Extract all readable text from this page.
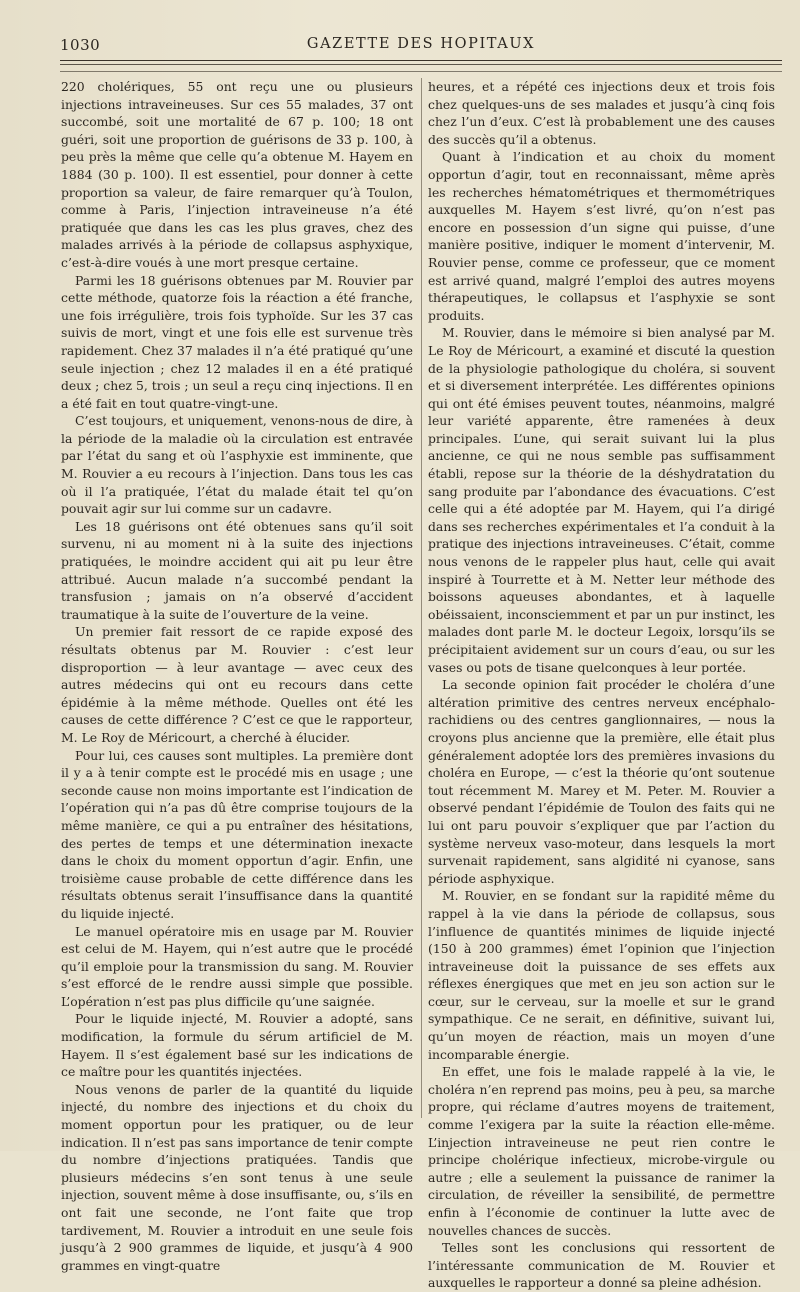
1030	GAZETTE DES HOPITAUX

220 cholériques, 55 ont reçu une ou plusieurs injections intraveineuses. Sur ces 55 malades, 37 ont succombé, soit une mortalité de 67 p. 100; 18 ont guéri, soit une proportion de guérisons de 33 p. 100, à peu près la même que celle qu’a obtenue M. Hayem en 1884 (30 p. 100). Il est essentiel, pour donner à cette proportion sa valeur, de faire remarquer qu’à Toulon, comme à Paris, l’injection intraveineuse n’a été pratiquée que dans les cas les plus graves, chez des malades arrivés à la période de collapsus asphyxique, c’est-à-dire voués à une mort presque certaine.

Parmi les 18 guérisons obtenues par M. Rouvier par cette méthode, quatorze fois la réaction a été franche, une fois irrégulière, trois fois typhoïde. Sur les 37 cas suivis de mort, vingt et une fois elle est survenue très rapidement. Chez 37 malades il n’a été pratiqué qu’une seule injection ; chez 12 malades il en a été pratiqué deux ; chez 5, trois ; un seul a reçu cinq injections. Il en a été fait en tout quatre-vingt-une.

C’est toujours, et uniquement, venons-nous de dire, à la période de la maladie où la circulation est entravée par l’état du sang et où l’asphyxie est imminente, que M. Rouvier a eu recours à l’injection. Dans tous les cas où il l’a pratiquée, l’état du malade était tel qu’on pouvait agir sur lui comme sur un cadavre.

Les 18 guérisons ont été obtenues sans qu’il soit survenu, ni au moment ni à la suite des injections pratiquées, le moindre accident qui ait pu leur être attribué. Aucun malade n’a succombé pendant la transfusion ; jamais on n’a observé d’accident traumatique à la suite de l’ouverture de la veine.

Un premier fait ressort de ce rapide exposé des résultats obtenus par M. Rouvier : c’est leur disproportion — à leur avantage — avec ceux des autres médecins qui ont eu recours dans cette épidémie à la même méthode. Quelles ont été les causes de cette différence ? C’est ce que le rapporteur, M. Le Roy de Méricourt, a cherché à élucider.

Pour lui, ces causes sont multiples. La première dont il y a à tenir compte est le procédé mis en usage ; une seconde cause non moins importante est l’indication de l’opération qui n’a pas dû être comprise toujours de la même manière, ce qui a pu entraîner des hésitations, des pertes de temps et une détermination inexacte dans le choix du moment opportun d’agir. Enfin, une troisième cause probable de cette différence dans les résultats obtenus serait l’insuffisance dans la quantité du liquide injecté.

Le manuel opératoire mis en usage par M. Rouvier est celui de M. Hayem, qui n’est autre que le procédé qu’il emploie pour la transmission du sang. M. Rouvier s’est efforcé de le rendre aussi simple que possible. L’opération n’est pas plus difficile qu’une saignée.

Pour le liquide injecté, M. Rouvier a adopté, sans modification, la formule du sérum artificiel de M. Hayem. Il s’est également basé sur les indications de ce maître pour les quantités injectées.

Nous venons de parler de la quantité du liquide injecté, du nombre des injections et du choix du moment opportun pour les pratiquer, ou de leur indication. Il n’est pas sans importance de tenir compte du nombre d’injections pratiquées. Tandis que plusieurs médecins s’en sont tenus à une seule injection, souvent même à dose insuffisante, ou, s’ils en ont fait une seconde, ne l’ont faite que trop tardivement, M. Rouvier a introduit en une seule fois jusqu’à 2 900 grammes de liquide, et jusqu’à 4 900 grammes en vingt-quatre

heures, et a répété ces injections deux et trois fois chez quelques-uns de ses malades et jusqu’à cinq fois chez l’un d’eux. C’est là probablement une des causes des succès qu’il a obtenus.

Quant à l’indication et au choix du moment opportun d’agir, tout en reconnaissant, même après les recherches hématométriques et thermométriques auxquelles M. Hayem s’est livré, qu’on n’est pas encore en possession d’un signe qui puisse, d’une manière positive, indiquer le moment d’intervenir, M. Rouvier pense, comme ce professeur, que ce moment est arrivé quand, malgré l’emploi des autres moyens thérapeutiques, le collapsus et l’asphyxie se sont produits.

M. Rouvier, dans le mémoire si bien analysé par M. Le Roy de Méricourt, a examiné et discuté la question de la physiologie pathologique du choléra, si souvent et si diversement interprétée. Les différentes opinions qui ont été émises peuvent toutes, néanmoins, malgré leur variété apparente, être ramenées à deux principales. L’une, qui serait suivant lui la plus ancienne, ce qui ne nous semble pas suffisamment établi, repose sur la théorie de la déshydratation du sang produite par l’abondance des évacuations. C’est celle qui a été adoptée par M. Hayem, qui l’a dirigé dans ses recherches expérimentales et l’a conduit à la pratique des injections intraveineuses. C’était, comme nous venons de le rappeler plus haut, celle qui avait inspiré à Tourrette et à M. Netter leur méthode des boissons aqueuses abondantes, et à laquelle obéissaient, inconsciemment et par un pur instinct, les malades dont parle M. le docteur Legoix, lorsqu’ils se précipitaient avidement sur un cours d’eau, ou sur les vases ou pots de tisane quelconques à leur portée.

La seconde opinion fait procéder le choléra d’une altération primitive des centres nerveux encéphalo-rachidiens ou des centres ganglionnaires, — nous la croyons plus ancienne que la première, elle était plus généralement adoptée lors des premières invasions du choléra en Europe, — c’est la théorie qu’ont soutenue tout récemment M. Marey et M. Peter. M. Rouvier a observé pendant l’épidémie de Toulon des faits qui ne lui ont paru pouvoir s’expliquer que par l’action du système nerveux vaso-moteur, dans lesquels la mort survenait rapidement, sans algidité ni cyanose, sans période asphyxique.

M. Rouvier, en se fondant sur la rapidité même du rappel à la vie dans la période de collapsus, sous l’influence de quantités minimes de liquide injecté (150 à 200 grammes) émet l’opinion que l’injection intraveineuse doit la puissance de ses effets aux réflexes énergiques que met en jeu son action sur le cœur, sur le cerveau, sur la moelle et sur le grand sympathique. Ce ne serait, en définitive, suivant lui, qu’un moyen de réaction, mais un moyen d’une incomparable énergie.

En effet, une fois le malade rappelé à la vie, le choléra n’en reprend pas moins, peu à peu, sa marche propre, qui réclame d’autres moyens de traitement, comme l’exigera par la suite la réaction elle-même. L’injection intraveineuse ne peut rien contre le principe cholérique infectieux, microbe-virgule ou autre ; elle a seulement la puissance de ranimer la circulation, de réveiller la sensibilité, de permettre enfin à l’économie de continuer la lutte avec de nouvelles chances de succès.

Telles sont les conclusions qui ressortent de l’intéressante communication de M. Rouvier et auxquelles le rapporteur a donné sa pleine adhésion.
